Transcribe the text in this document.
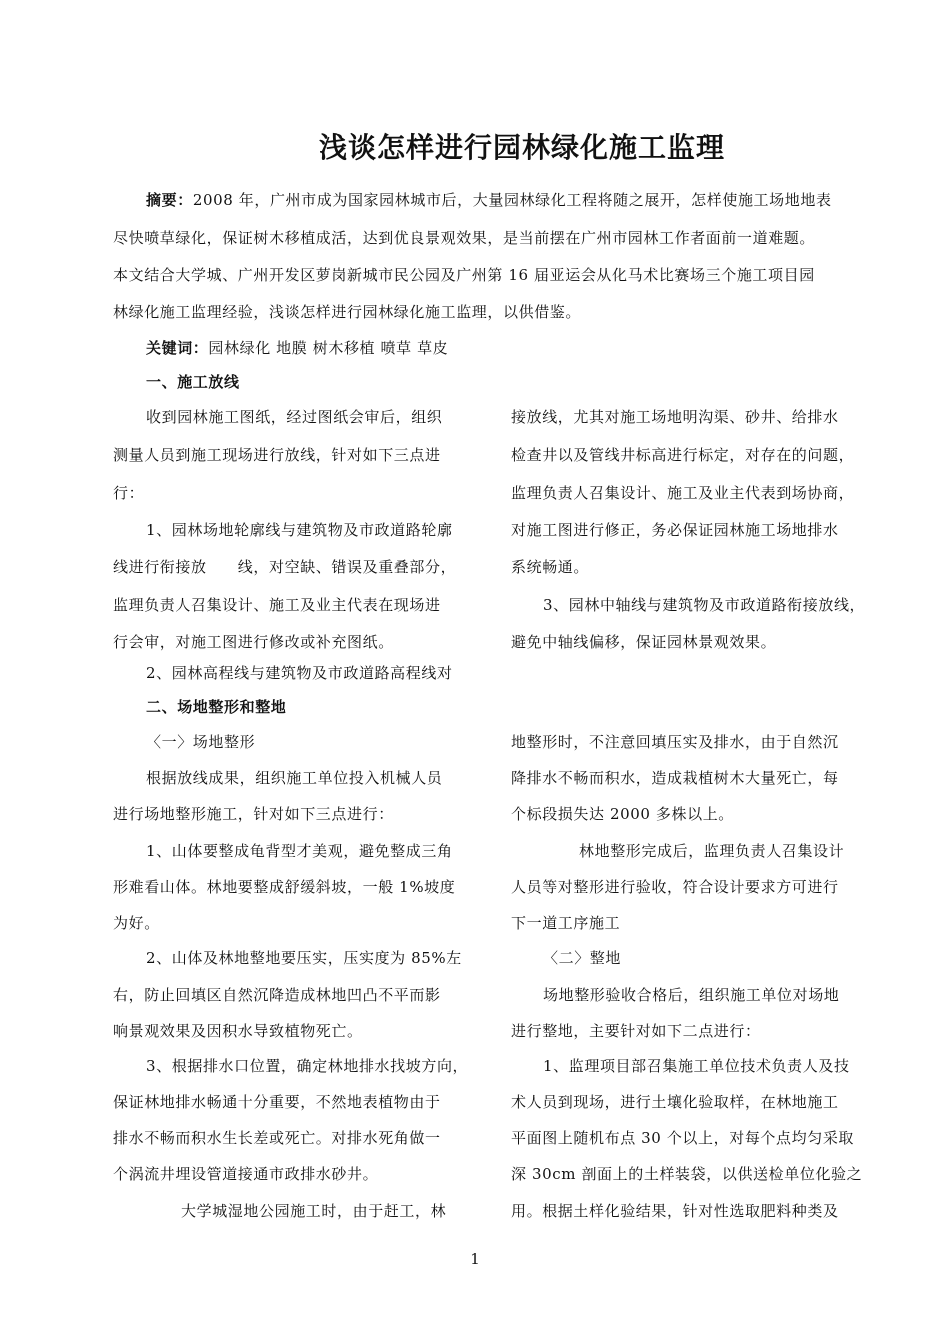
浅谈怎样进行园林绿化施工监理
摘要：2008 年，广州市成为国家园林城市后，大量园林绿化工程将随之展开，怎样使施工场地地表
尽快喷草绿化，保证树木移植成活，达到优良景观效果，是当前摆在广州市园林工作者面前一道难题。
本文结合大学城、广州开发区萝岗新城市民公园及广州第 16 届亚运会从化马术比赛场三个施工项目园
林绿化施工监理经验，浅谈怎样进行园林绿化施工监理，以供借鉴。
关键词：园林绿化 地膜 树木移植 喷草 草皮
一、施工放线
收到园林施工图纸，经过图纸会审后，组织
测量人员到施工现场进行放线，针对如下三点进
行：
1、园林场地轮廓线与建筑物及市政道路轮廓
线进行衔接放　　线，对空缺、错误及重叠部分，
监理负责人召集设计、施工及业主代表在现场进
行会审，对施工图进行修改或补充图纸。
2、园林高程线与建筑物及市政道路高程线对
接放线，尤其对施工场地明沟渠、砂井、给排水
检查井以及管线井标高进行标定，对存在的问题，
监理负责人召集设计、施工及业主代表到场协商，
对施工图进行修正，务必保证园林施工场地排水
系统畅通。
3、园林中轴线与建筑物及市政道路衔接放线，
避免中轴线偏移，保证园林景观效果。
二、场地整形和整地
〈一〉场地整形
根据放线成果，组织施工单位投入机械人员
进行场地整形施工，针对如下三点进行：
1、山体要整成龟背型才美观，避免整成三角
形难看山体。林地要整成舒缓斜坡，一般 1%坡度
为好。
2、山体及林地整地要压实，压实度为 85%左
右，防止回填区自然沉降造成林地凹凸不平而影
响景观效果及因积水导致植物死亡。
3、根据排水口位置，确定林地排水找坡方向，
保证林地排水畅通十分重要，不然地表植物由于
排水不畅而积水生长差或死亡。对排水死角做一
个涡流井埋设管道接通市政排水砂井。
大学城湿地公园施工时，由于赶工，林
地整形时，不注意回填压实及排水，由于自然沉
降排水不畅而积水，造成栽植树木大量死亡，每
个标段损失达 2000 多株以上。
林地整形完成后，监理负责人召集设计
人员等对整形进行验收，符合设计要求方可进行
下一道工序施工
〈二〉整地
场地整形验收合格后，组织施工单位对场地
进行整地，主要针对如下二点进行：
1、监理项目部召集施工单位技术负责人及技
术人员到现场，进行土壤化验取样，在林地施工
平面图上随机布点 30 个以上，对每个点均匀采取
深 30cm 剖面上的土样装袋，以供送检单位化验之
用。根据土样化验结果，针对性选取肥料种类及
1
